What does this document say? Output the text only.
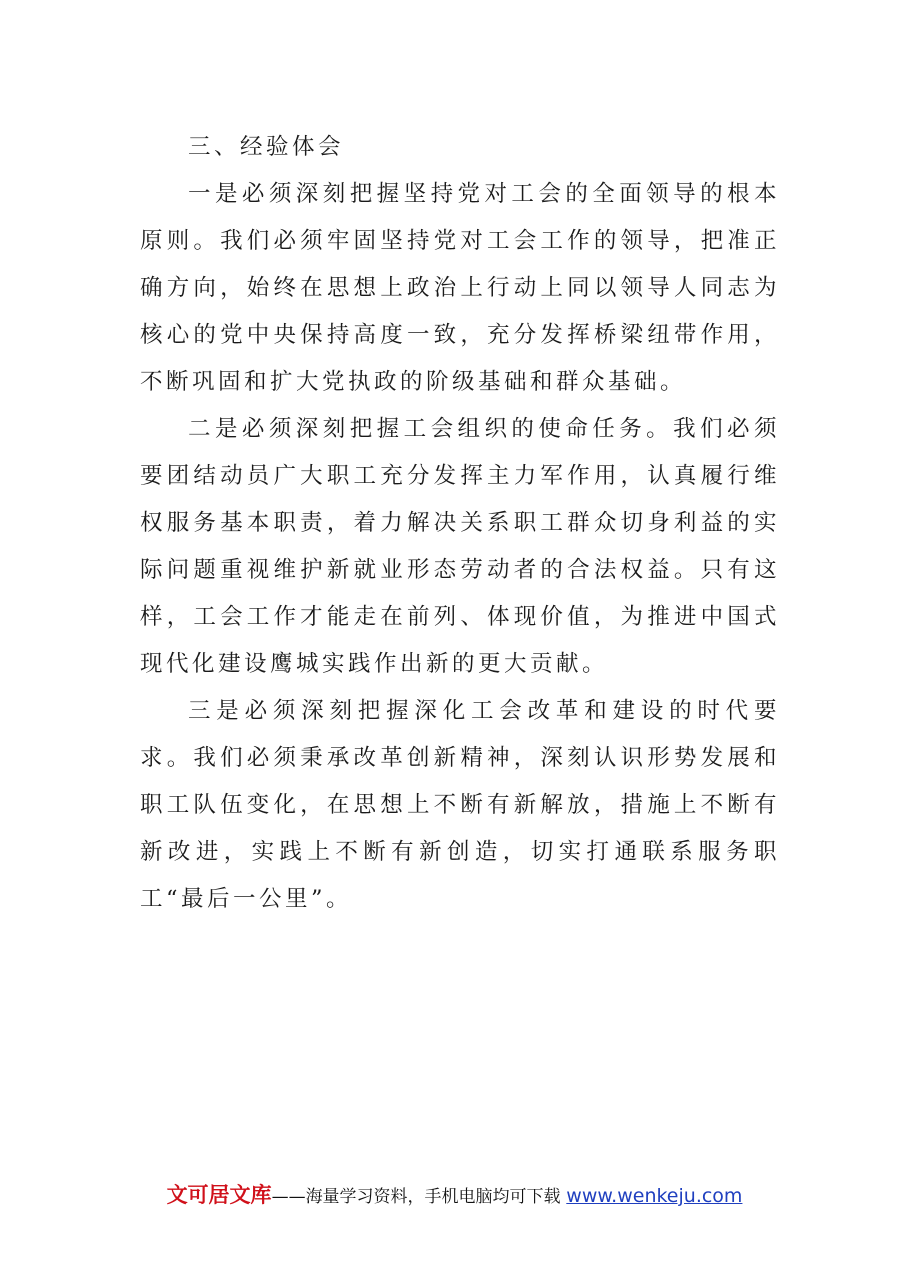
三、经验体会

一是必须深刻把握坚持党对工会的全面领导的根本原则。我们必须牢固坚持党对工会工作的领导，把准正确方向，始终在思想上政治上行动上同以领导人同志为核心的党中央保持高度一致，充分发挥桥梁纽带作用，不断巩固和扩大党执政的阶级基础和群众基础。

二是必须深刻把握工会组织的使命任务。我们必须要团结动员广大职工充分发挥主力军作用，认真履行维权服务基本职责，着力解决关系职工群众切身利益的实际问题重视维护新就业形态劳动者的合法权益。只有这样，工会工作才能走在前列、体现价值，为推进中国式现代化建设鹰城实践作出新的更大贡献。

三是必须深刻把握深化工会改革和建设的时代要求。我们必须秉承改革创新精神，深刻认识形势发展和职工队伍变化，在思想上不断有新解放，措施上不断有新改进，实践上不断有新创造，切实打通联系服务职工“最后一公里”。

文可居文库——海量学习资料，手机电脑均可下载 www.wenkeju.com
